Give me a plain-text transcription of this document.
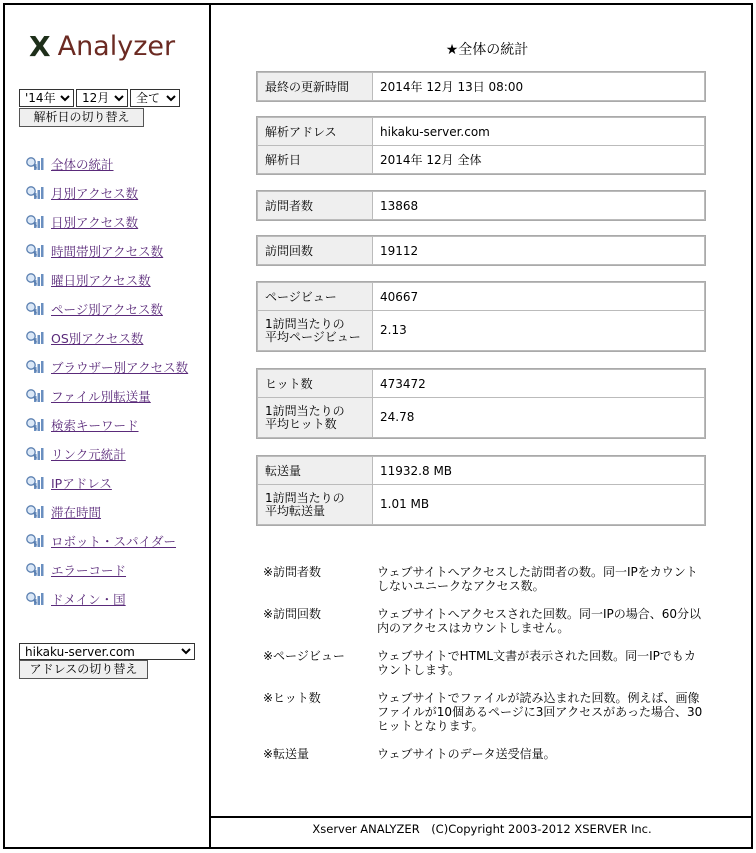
X Analyzer
'14年
12月
全て
解析日の切り替え
全体の統計
月別アクセス数
日別アクセス数
時間帯別アクセス数
曜日別アクセス数
ページ別アクセス数
OS別アクセス数
ブラウザー別アクセス数
ファイル別転送量
検索キーワード
リンク元統計
IPアドレス
滞在時間
ロボット・スパイダー
エラーコード
ドメイン・国
hikaku-server.com
アドレスの切り替え
★全体の統計
最終の更新時間	2014年 12月 13日 08:00
解析アドレス	hikaku-server.com
解析日	2014年 12月 全体
訪問者数	13868
訪問回数	19112
ページビュー	40667
1訪問当たりの
平均ページビュー	2.13
ヒット数	473472
1訪問当たりの
平均ヒット数	24.78
転送量	11932.8 MB
1訪問当たりの
平均転送量	1.01 MB
※訪問者数	ウェブサイトへアクセスした訪問者の数。同一IPをカウントしないユニークなアクセス数。
※訪問回数	ウェブサイトへアクセスされた回数。同一IPの場合、60分以内のアクセスはカウントしません。
※ページビュー	ウェブサイトでHTML文書が表示された回数。同一IPでもカウントします。
※ヒット数	ウェブサイトでファイルが読み込まれた回数。例えば、画像ファイルが10個あるページに3回アクセスがあった場合、30ヒットとなります。
※転送量	ウェブサイトのデータ送受信量。
Xserver ANALYZER　(C)Copyright 2003-2012 XSERVER Inc.
